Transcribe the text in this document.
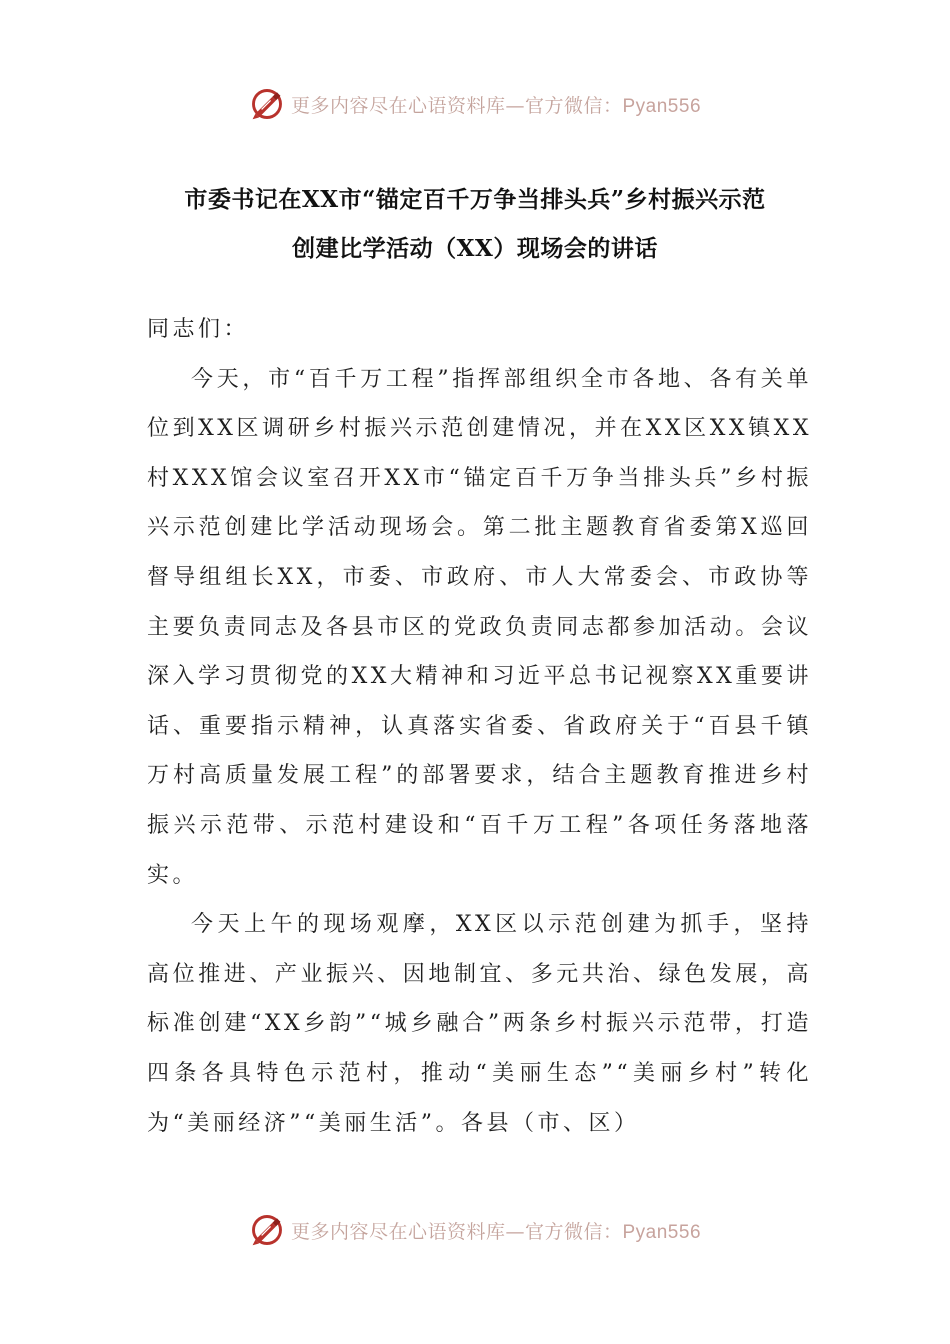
更多内容尽在心语资料库—官方微信：Pyan556
市委书记在XX市“锚定百千万争当排头兵”乡村振兴示范
创建比学活动（XX）现场会的讲话

同志们：

今天，市“百千万工程”指挥部组织全市各地、各有关单位到XX区调研乡村振兴示范创建情况，并在XX区XX镇XX村XXX馆会议室召开XX市“锚定百千万争当排头兵”乡村振兴示范创建比学活动现场会。第二批主题教育省委第X巡回督导组组长XX，市委、市政府、市人大常委会、市政协等主要负责同志及各县市区的党政负责同志都参加活动。会议深入学习贯彻党的XX大精神和习近平总书记视察XX重要讲话、重要指示精神，认真落实省委、省政府关于“百县千镇万村高质量发展工程”的部署要求，结合主题教育推进乡村振兴示范带、示范村建设和“百千万工程”各项任务落地落实。

今天上午的现场观摩，XX区以示范创建为抓手，坚持高位推进、产业振兴、因地制宜、多元共治、绿色发展，高标准创建“XX乡韵”“城乡融合”两条乡村振兴示范带，打造四条各具特色示范村，推动“美丽生态”“美丽乡村”转化为“美丽经济”“美丽生活”。各县（市、区）

更多内容尽在心语资料库—官方微信：Pyan556
